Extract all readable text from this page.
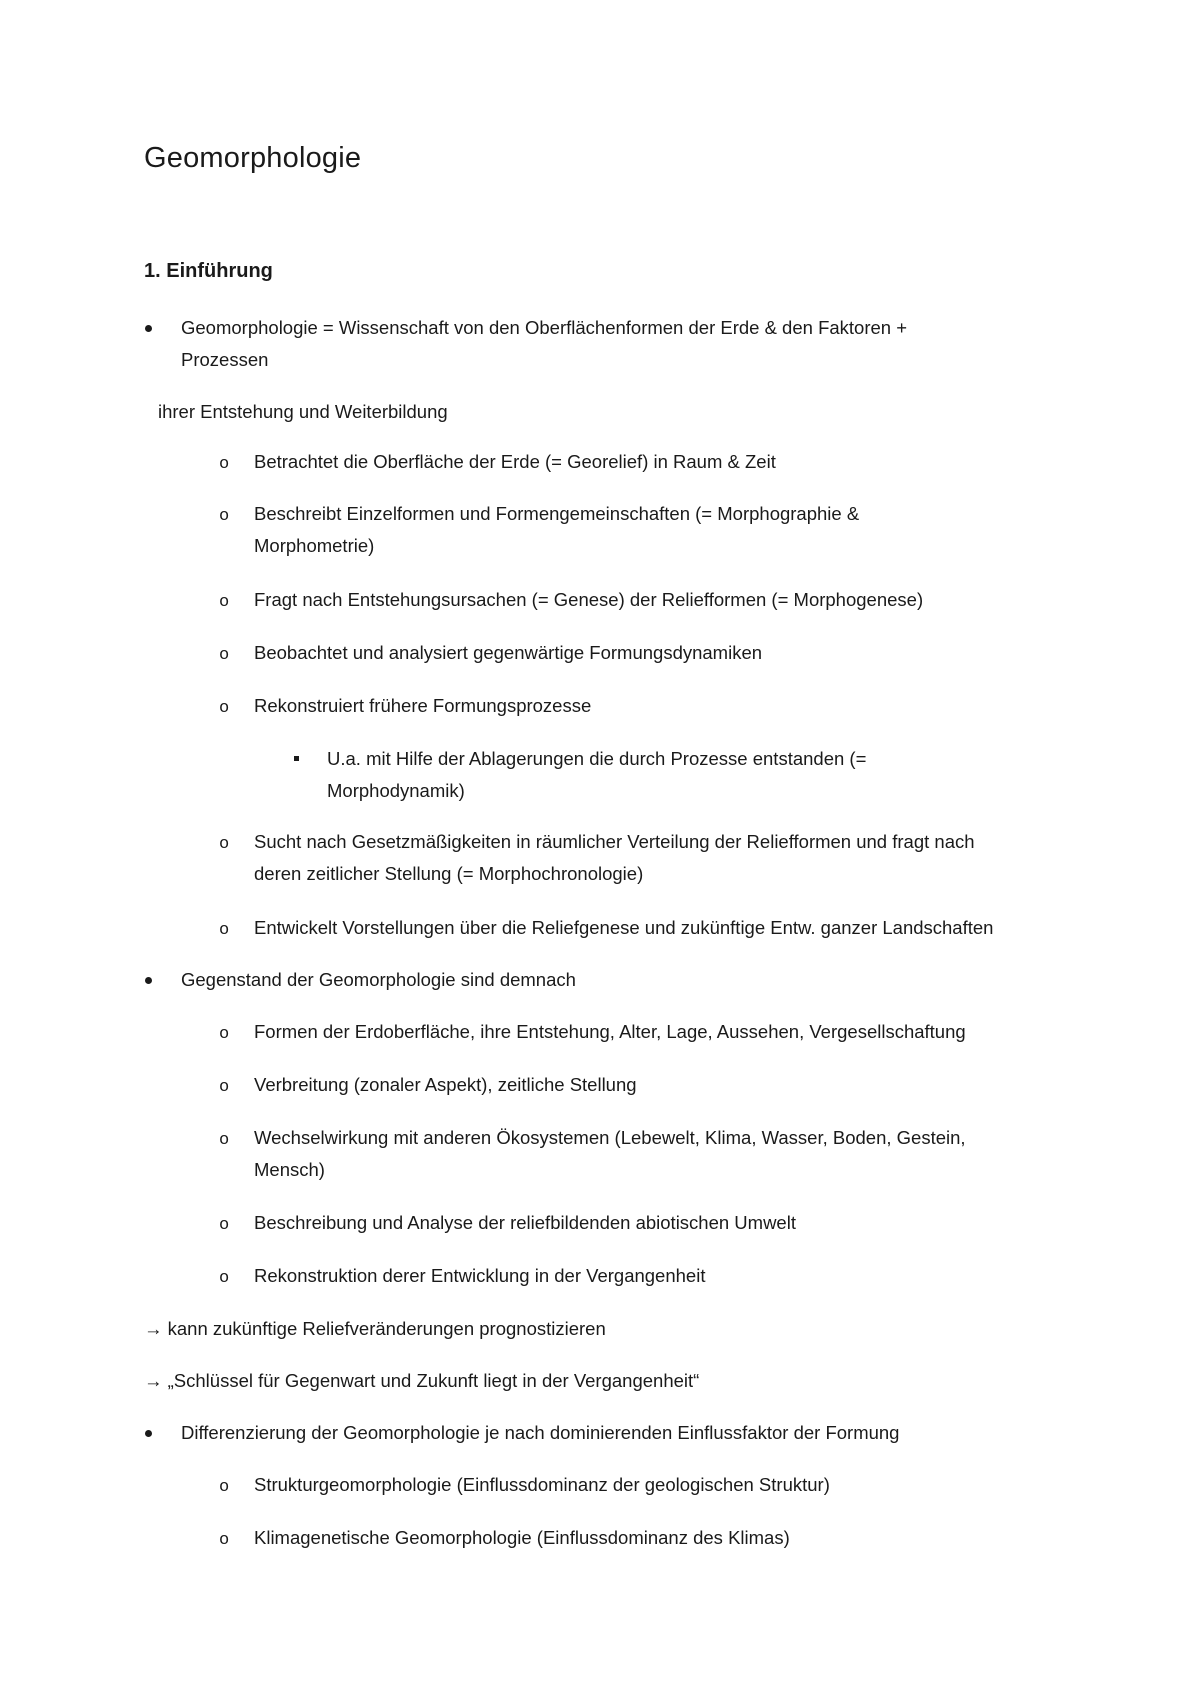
Geomorphologie
1. Einführung
Geomorphologie = Wissenschaft von den Oberflächenformen der Erde & den Faktoren +
Prozessen
ihrer Entstehung und Weiterbildung
o Betrachtet die Oberfläche der Erde (= Georelief) in Raum & Zeit
o Beschreibt Einzelformen und Formengemeinschaften (= Morphographie &
Morphometrie)
o Fragt nach Entstehungsursachen (= Genese) der Reliefformen (= Morphogenese)
o Beobachtet und analysiert gegenwärtige Formungsdynamiken
o Rekonstruiert frühere Formungsprozesse
U.a. mit Hilfe der Ablagerungen die durch Prozesse entstanden (=
Morphodynamik)
o Sucht nach Gesetzmäßigkeiten in räumlicher Verteilung der Reliefformen und fragt nach
deren zeitlicher Stellung (= Morphochronologie)
o Entwickelt Vorstellungen über die Reliefgenese und zukünftige Entw. ganzer Landschaften
Gegenstand der Geomorphologie sind demnach
o Formen der Erdoberfläche, ihre Entstehung, Alter, Lage, Aussehen, Vergesellschaftung
o Verbreitung (zonaler Aspekt), zeitliche Stellung
o Wechselwirkung mit anderen Ökosystemen (Lebewelt, Klima, Wasser, Boden, Gestein,
Mensch)
o Beschreibung und Analyse der reliefbildenden abiotischen Umwelt
o Rekonstruktion derer Entwicklung in der Vergangenheit
→ kann zukünftige Reliefveränderungen prognostizieren
→ „Schlüssel für Gegenwart und Zukunft liegt in der Vergangenheit“
Differenzierung der Geomorphologie je nach dominierenden Einflussfaktor der Formung
o Strukturgeomorphologie (Einflussdominanz der geologischen Struktur)
o Klimagenetische Geomorphologie (Einflussdominanz des Klimas)
